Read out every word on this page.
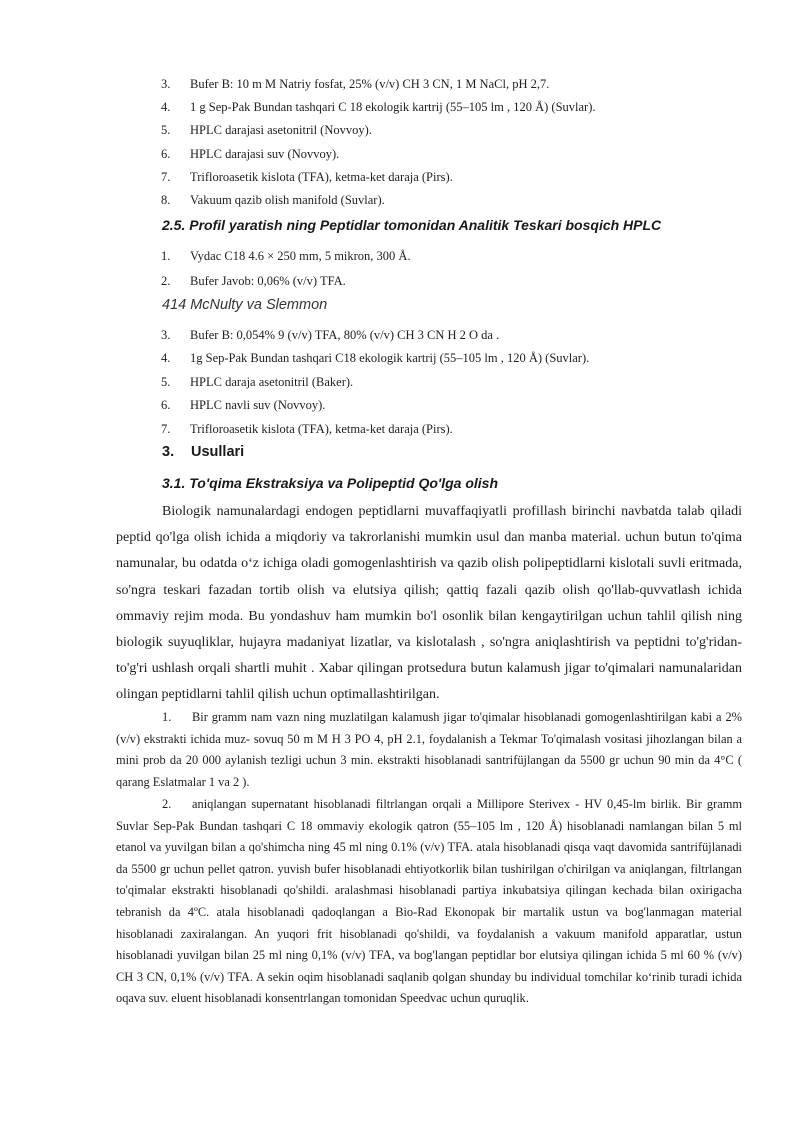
3. Bufer B: 10 m M Natriy fosfat, 25% (v/v) CH 3 CN, 1 M NaCl, pH 2,7.
4. 1 g Sep-Pak Bundan tashqari C 18 ekologik kartrij (55–105 lm , 120 Å) (Suvlar).
5. HPLC darajasi asetonitril (Novvoy).
6. HPLC darajasi suv (Novvoy).
7. Trifloroasetik kislota (TFA), ketma-ket daraja (Pirs).
8. Vakuum qazib olish manifold (Suvlar).
2.5. Profil yaratish ning Peptidlar tomonidan Analitik Teskari bosqich HPLC
1. Vydac C18 4.6 × 250 mm, 5 mikron, 300 Å.
2. Bufer Javob: 0,06% (v/v) TFA.
414 McNulty va Slemmon
3. Bufer B: 0,054% 9 (v/v) TFA, 80% (v/v) CH 3 CN H 2 O da .
4. 1g Sep-Pak Bundan tashqari C18 ekologik kartrij (55–105 lm , 120 Å) (Suvlar).
5. HPLC daraja asetonitril (Baker).
6. HPLC navli suv (Novvoy).
7. Trifloroasetik kislota (TFA), ketma-ket daraja (Pirs).
3. Usullari
3.1. To'qima Ekstraksiya va Polipeptid Qo'lga olish
Biologik namunalardagi endogen peptidlarni muvaffaqiyatli profillash birinchi navbatda talab qiladi peptid qo'lga olish ichida a miqdoriy va takrorlanishi mumkin usul dan manba material. uchun butun to'qima namunalar, bu odatda o‘z ichiga oladi gomogenlashtirish va qazib olish polipeptidlarni kislotali suvli eritmada, so'ngra teskari fazadan tortib olish va elutsiya qilish; qattiq fazali qazib olish qo'llab-quvvatlash ichida ommaviy rejim moda. Bu yondashuv ham mumkin bo'l osonlik bilan kengaytirilgan uchun tahlil qilish ning biologik suyuqliklar, hujayra madaniyat lizatlar, va kislotalash , so'ngra aniqlashtirish va peptidni to'g'ridan-to'g'ri ushlash orqali shartli muhit . Xabar qilingan protsedura butun kalamush jigar to'qimalari namunalaridan olingan peptidlarni tahlil qilish uchun optimallashtirilgan.
1. Bir gramm nam vazn ning muzlatilgan kalamush jigar to'qimalar hisoblanadi gomogenlashtirilgan kabi a 2% (v/v) ekstrakti ichida muz- sovuq 50 m M H 3 PO 4, pH 2.1, foydalanish a Tekmar To'qimalash vositasi jihozlangan bilan a mini prob da 20 000 aylanish tezligi uchun 3 min. ekstrakti hisoblanadi santrifüjlangan da 5500 gr uchun 90 min da 4°C ( qarang Eslatmalar 1 va 2 ).
2. aniqlangan supernatant hisoblanadi filtrlangan orqali a Millipore Sterivex - HV 0,45-lm birlik. Bir gramm Suvlar Sep-Pak Bundan tashqari C 18 ommaviy ekologik qatron (55–105 lm , 120 Å) hisoblanadi namlangan bilan 5 ml etanol va yuvilgan bilan a qo'shimcha ning 45 ml ning 0.1% (v/v) TFA. atala hisoblanadi qisqa vaqt davomida santrifüjlanadi da 5500 gr uchun pellet qatron. yuvish bufer hisoblanadi ehtiyotkorlik bilan tushirilgan o'chirilgan va aniqlangan, filtrlangan to'qimalar ekstrakti hisoblanadi qo'shildi. aralashmasi hisoblanadi partiya inkubatsiya qilingan kechada bilan oxirigacha tebranish da 4ºC. atala hisoblanadi qadoqlangan a Bio-Rad Ekonopak bir martalik ustun va bog'lanmagan material hisoblanadi zaxiralangan. An yuqori frit hisoblanadi qo'shildi, va foydalanish a vakuum manifold apparatlar, ustun hisoblanadi yuvilgan bilan 25 ml ning 0,1% (v/v) TFA, va bog'langan peptidlar bor elutsiya qilingan ichida 5 ml 60 % (v/v) CH 3 CN, 0,1% (v/v) TFA. A sekin oqim hisoblanadi saqlanib qolgan shunday bu individual tomchilar ko‘rinib turadi ichida oqava suv. eluent hisoblanadi konsentrlangan tomonidan Speedvac uchun quruqlik.
